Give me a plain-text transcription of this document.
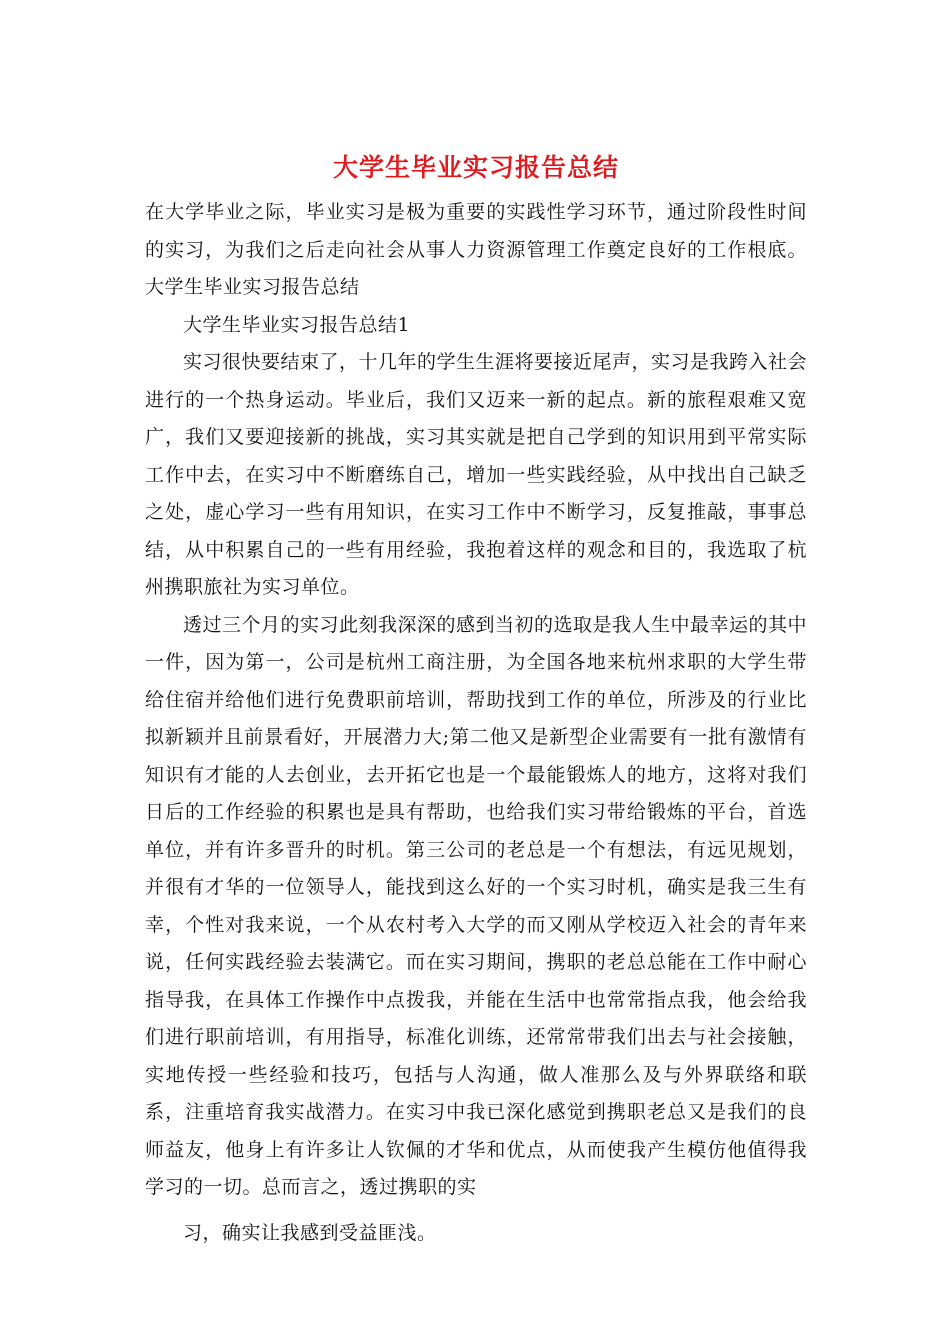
大学生毕业实习报告总结

在大学毕业之际，毕业实习是极为重要的实践性学习环节，通过阶段性时间的实习，为我们之后走向社会从事人力资源管理工作奠定良好的工作根底。大学生毕业实习报告总结

大学生毕业实习报告总结1

实习很快要结束了，十几年的学生生涯将要接近尾声，实习是我跨入社会进行的一个热身运动。毕业后，我们又迈来一新的起点。新的旅程艰难又宽广，我们又要迎接新的挑战，实习其实就是把自己学到的知识用到平常实际工作中去，在实习中不断磨练自己，增加一些实践经验，从中找出自己缺乏之处，虚心学习一些有用知识，在实习工作中不断学习，反复推敲，事事总结，从中积累自己的一些有用经验，我抱着这样的观念和目的，我选取了杭州携职旅社为实习单位。

透过三个月的实习此刻我深深的感到当初的选取是我人生中最幸运的其中一件，因为第一，公司是杭州工商注册，为全国各地来杭州求职的大学生带给住宿并给他们进行免费职前培训，帮助找到工作的单位，所涉及的行业比拟新颖并且前景看好，开展潜力大;第二他又是新型企业需要有一批有激情有知识有才能的人去创业，去开拓它也是一个最能锻炼人的地方，这将对我们日后的工作经验的积累也是具有帮助，也给我们实习带给锻炼的平台，首选单位，并有许多晋升的时机。第三公司的老总是一个有想法，有远见规划，并很有才华的一位领导人，能找到这么好的一个实习时机，确实是我三生有幸，个性对我来说，一个从农村考入大学的而又刚从学校迈入社会的青年来说，任何实践经验去装满它。而在实习期间，携职的老总总能在工作中耐心指导我，在具体工作操作中点拨我，并能在生活中也常常指点我，他会给我们进行职前培训，有用指导，标准化训练，还常常带我们出去与社会接触，实地传授一些经验和技巧，包括与人沟通，做人准那么及与外界联络和联系，注重培育我实战潜力。在实习中我已深化感觉到携职老总又是我们的良师益友，他身上有许多让人钦佩的才华和优点，从而使我产生模仿他值得我学习的一切。总而言之，透过携职的实

习，确实让我感到受益匪浅。
